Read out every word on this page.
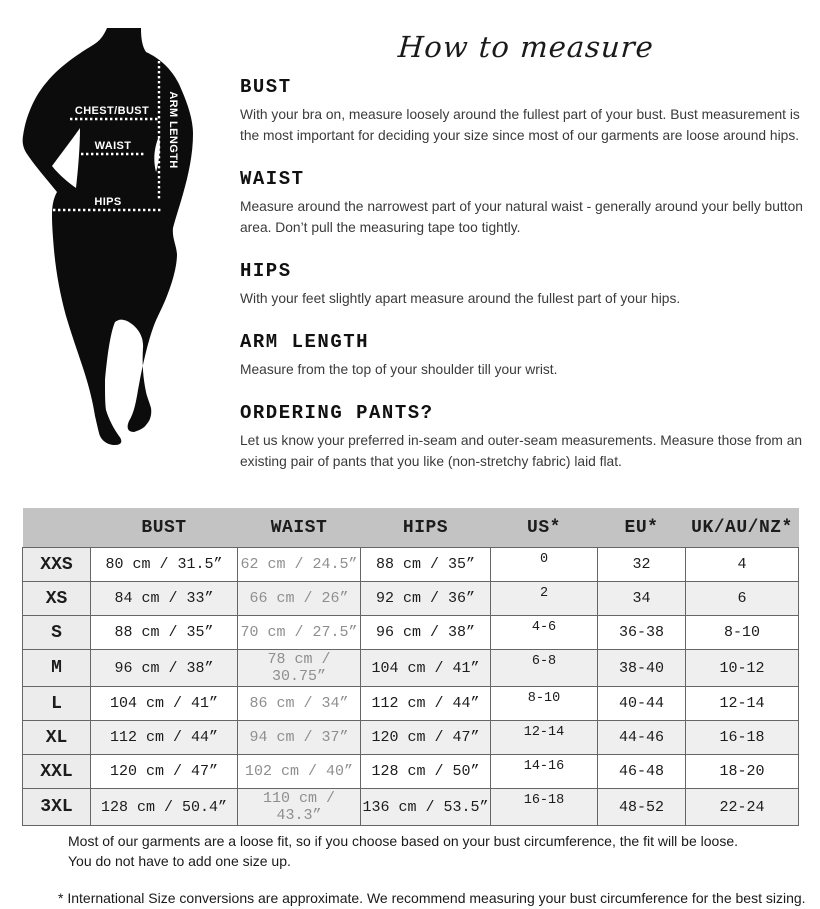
CHEST/BUST
WAIST
HIPS
ARM LENGTH
How to measure
BUST

With your bra on, measure loosely around the fullest part of your bust. Bust measurement is the most important for deciding your size since most of our garments are loose around hips.

WAIST

Measure around the narrowest part of your natural waist - generally around your belly button area. Don’t pull the measuring tape too tightly.

HIPS

With your feet slightly apart measure around the fullest part of your hips.

ARM LENGTH

Measure from the top of your shoulder till your wrist.

ORDERING PANTS?

Let us know your preferred in-seam and outer-seam measurements. Measure those from an existing pair of pants that you like (non-stretchy fabric) laid flat.

	BUST	WAIST	HIPS	US*	EU*	UK/AU/NZ*
XXS	80 cm / 31.5”	62 cm / 24.5”	88 cm / 35”	0	32	4
XS	84 cm / 33”	66 cm / 26”	92 cm / 36”	2	34	6
S	88 cm / 35”	70 cm / 27.5”	96 cm / 38”	4-6	36-38	8-10
M	96 cm / 38”	78 cm / 30.75”	104 cm / 41”	6-8	38-40	10-12
L	104 cm / 41”	86 cm / 34”	112 cm / 44”	8-10	40-44	12-14
XL	112 cm / 44”	94 cm / 37”	120 cm / 47”	12-14	44-46	16-18
XXL	120 cm / 47”	102 cm / 40”	128 cm / 50”	14-16	46-48	18-20
3XL	128 cm / 50.4”	110 cm / 43.3”	136 cm / 53.5”	16-18	48-52	22-24
Most of our garments are a loose fit, so if you choose based on your bust circumference, the fit will be loose.
You do not have to add one size up.
* International Size conversions are approximate. We recommend measuring your bust circumference for the best sizing.
